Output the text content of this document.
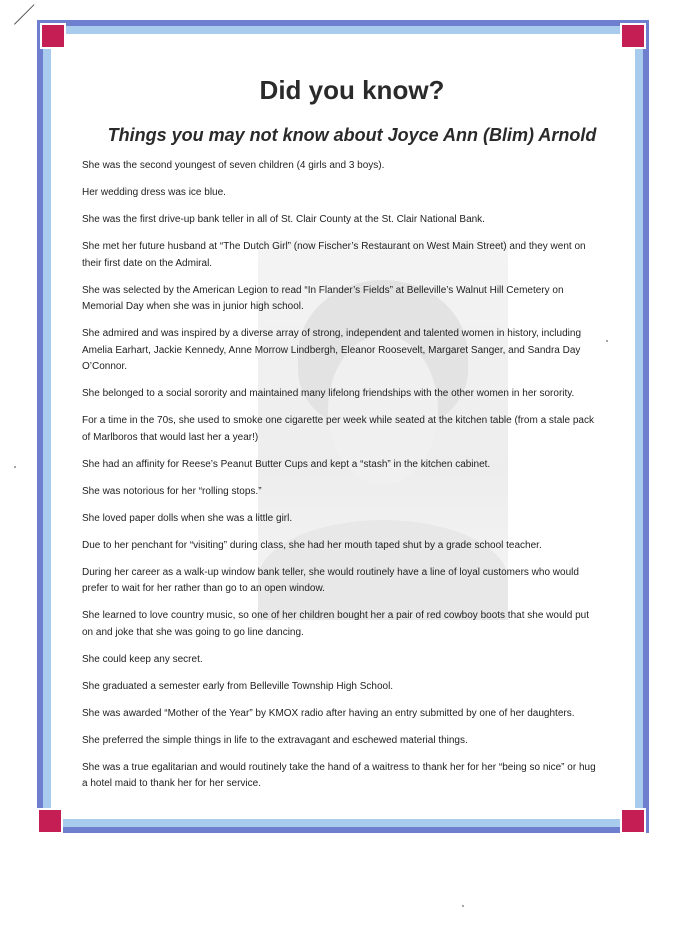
Did you know?
Things you may not know about Joyce Ann (Blim) Arnold
She was the second youngest of seven children (4 girls and 3 boys).
Her wedding dress was ice blue.
She was the first drive-up bank teller in all of St. Clair County at the St. Clair National Bank.
She met her future husband at “The Dutch Girl” (now Fischer’s Restaurant on West Main Street) and they went on their first date on the Admiral.
She was selected by the American Legion to read “In Flander’s Fields” at Belleville’s Walnut Hill Cemetery on Memorial Day when she was in junior high school.
She admired and was inspired by a diverse array of strong, independent and talented women in history, including Amelia Earhart, Jackie Kennedy, Anne Morrow Lindbergh, Eleanor Roosevelt, Margaret Sanger, and Sandra Day O’Connor.
She belonged to a social sorority and maintained many lifelong friendships with the other women in her sorority.
For a time in the 70s, she used to smoke one cigarette per week while seated at the kitchen table (from a stale pack of Marlboros that would last her a year!)
She had an affinity for Reese’s Peanut Butter Cups and kept a “stash” in the kitchen cabinet.
She was notorious for her “rolling stops.”
She loved paper dolls when she was a little girl.
Due to her penchant for “visiting” during class, she had her mouth taped shut by a grade school teacher.
During her career as a walk-up window bank teller, she would routinely have a line of loyal customers who would prefer to wait for her rather than go to an open window.
She learned to love country music, so one of her children bought her a pair of red cowboy boots that she would put on and joke that she was going to go line dancing.
She could keep any secret.
She graduated a semester early from Belleville Township High School.
She was awarded “Mother of the Year” by KMOX radio after having an entry submitted by one of her daughters.
She preferred the simple things in life to the extravagant and eschewed material things.
She was a true egalitarian and would routinely take the hand of a waitress to thank her for her “being so nice” or hug a hotel maid to thank her for her service.
